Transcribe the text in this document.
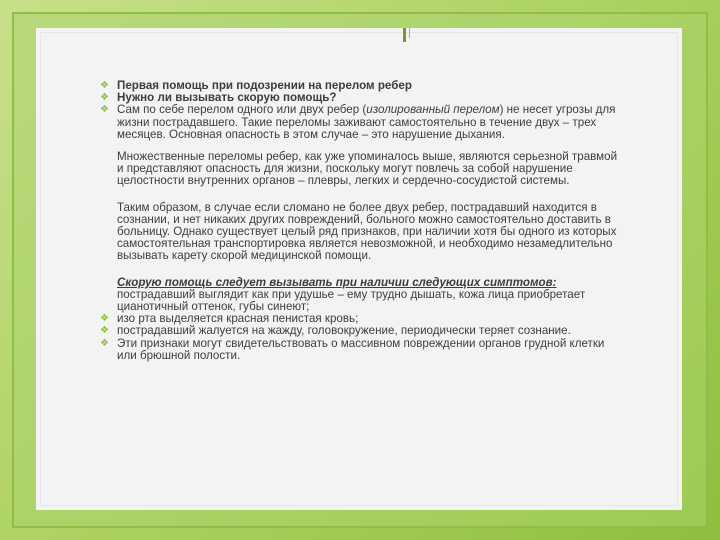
❖ Первая помощь при подозрении на перелом ребер
❖ Нужно ли вызывать скорую помощь?
❖ Сам по себе перелом одного или двух ребер (изолированный перелом) не несет угрозы для жизни пострадавшего. Такие переломы заживают самостоятельно в течение двух – трех месяцев. Основная опасность в этом случае – это нарушение дыхания.
Множественные переломы ребер, как уже упоминалось выше, являются серьезной травмой и представляют опасность для жизни, поскольку могут повлечь за собой нарушение целостности внутренних органов – плевры, легких и сердечно-сосудистой системы.
Таким образом, в случае если сломано не более двух ребер, пострадавший находится в сознании, и нет никаких других повреждений, больного можно самостоятельно доставить в больницу. Однако существует целый ряд признаков, при наличии хотя бы одного из которых самостоятельная транспортировка является невозможной, и необходимо незамедлительно вызывать карету скорой медицинской помощи.
Скорую помощь следует вызывать при наличии следующих симптомов:
пострадавший выглядит как при удушье – ему трудно дышать, кожа лица приобретает цианотичный оттенок, губы синеют;
❖ изо рта выделяется красная пенистая кровь;
❖ пострадавший жалуется на жажду, головокружение, периодически теряет сознание.
❖ Эти признаки могут свидетельствовать о массивном повреждении органов грудной клетки или брюшной полости.
